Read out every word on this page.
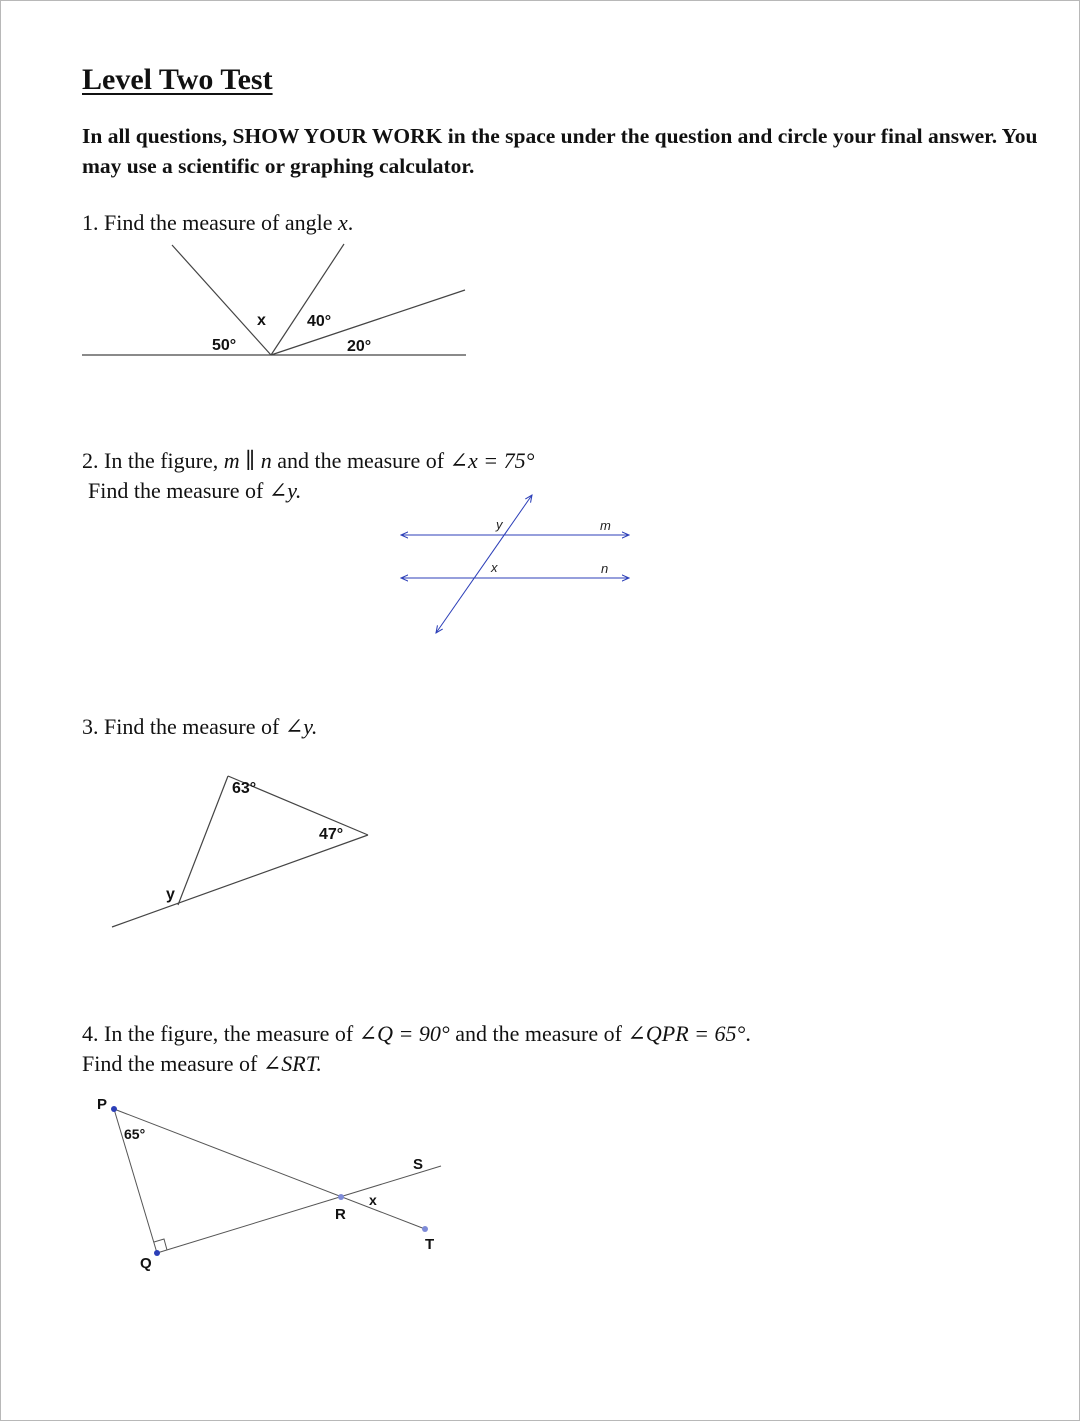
Level Two Test
In all questions, SHOW YOUR WORK in the space under the question and circle your final answer. You may use a scientific or graphing calculator.
1. Find the measure of angle x.
2. In the figure, m ∥ n and the measure of ∠x = 75°
Find the measure of ∠y.
3. Find the measure of ∠y.
4. In the figure, the measure of ∠Q = 90° and the measure of ∠QPR = 65°.
Find the measure of ∠SRT.
x	40°
50°	20°
y	m
x	n
63°
47°
y
P
65°
S
x
R
T
Q
